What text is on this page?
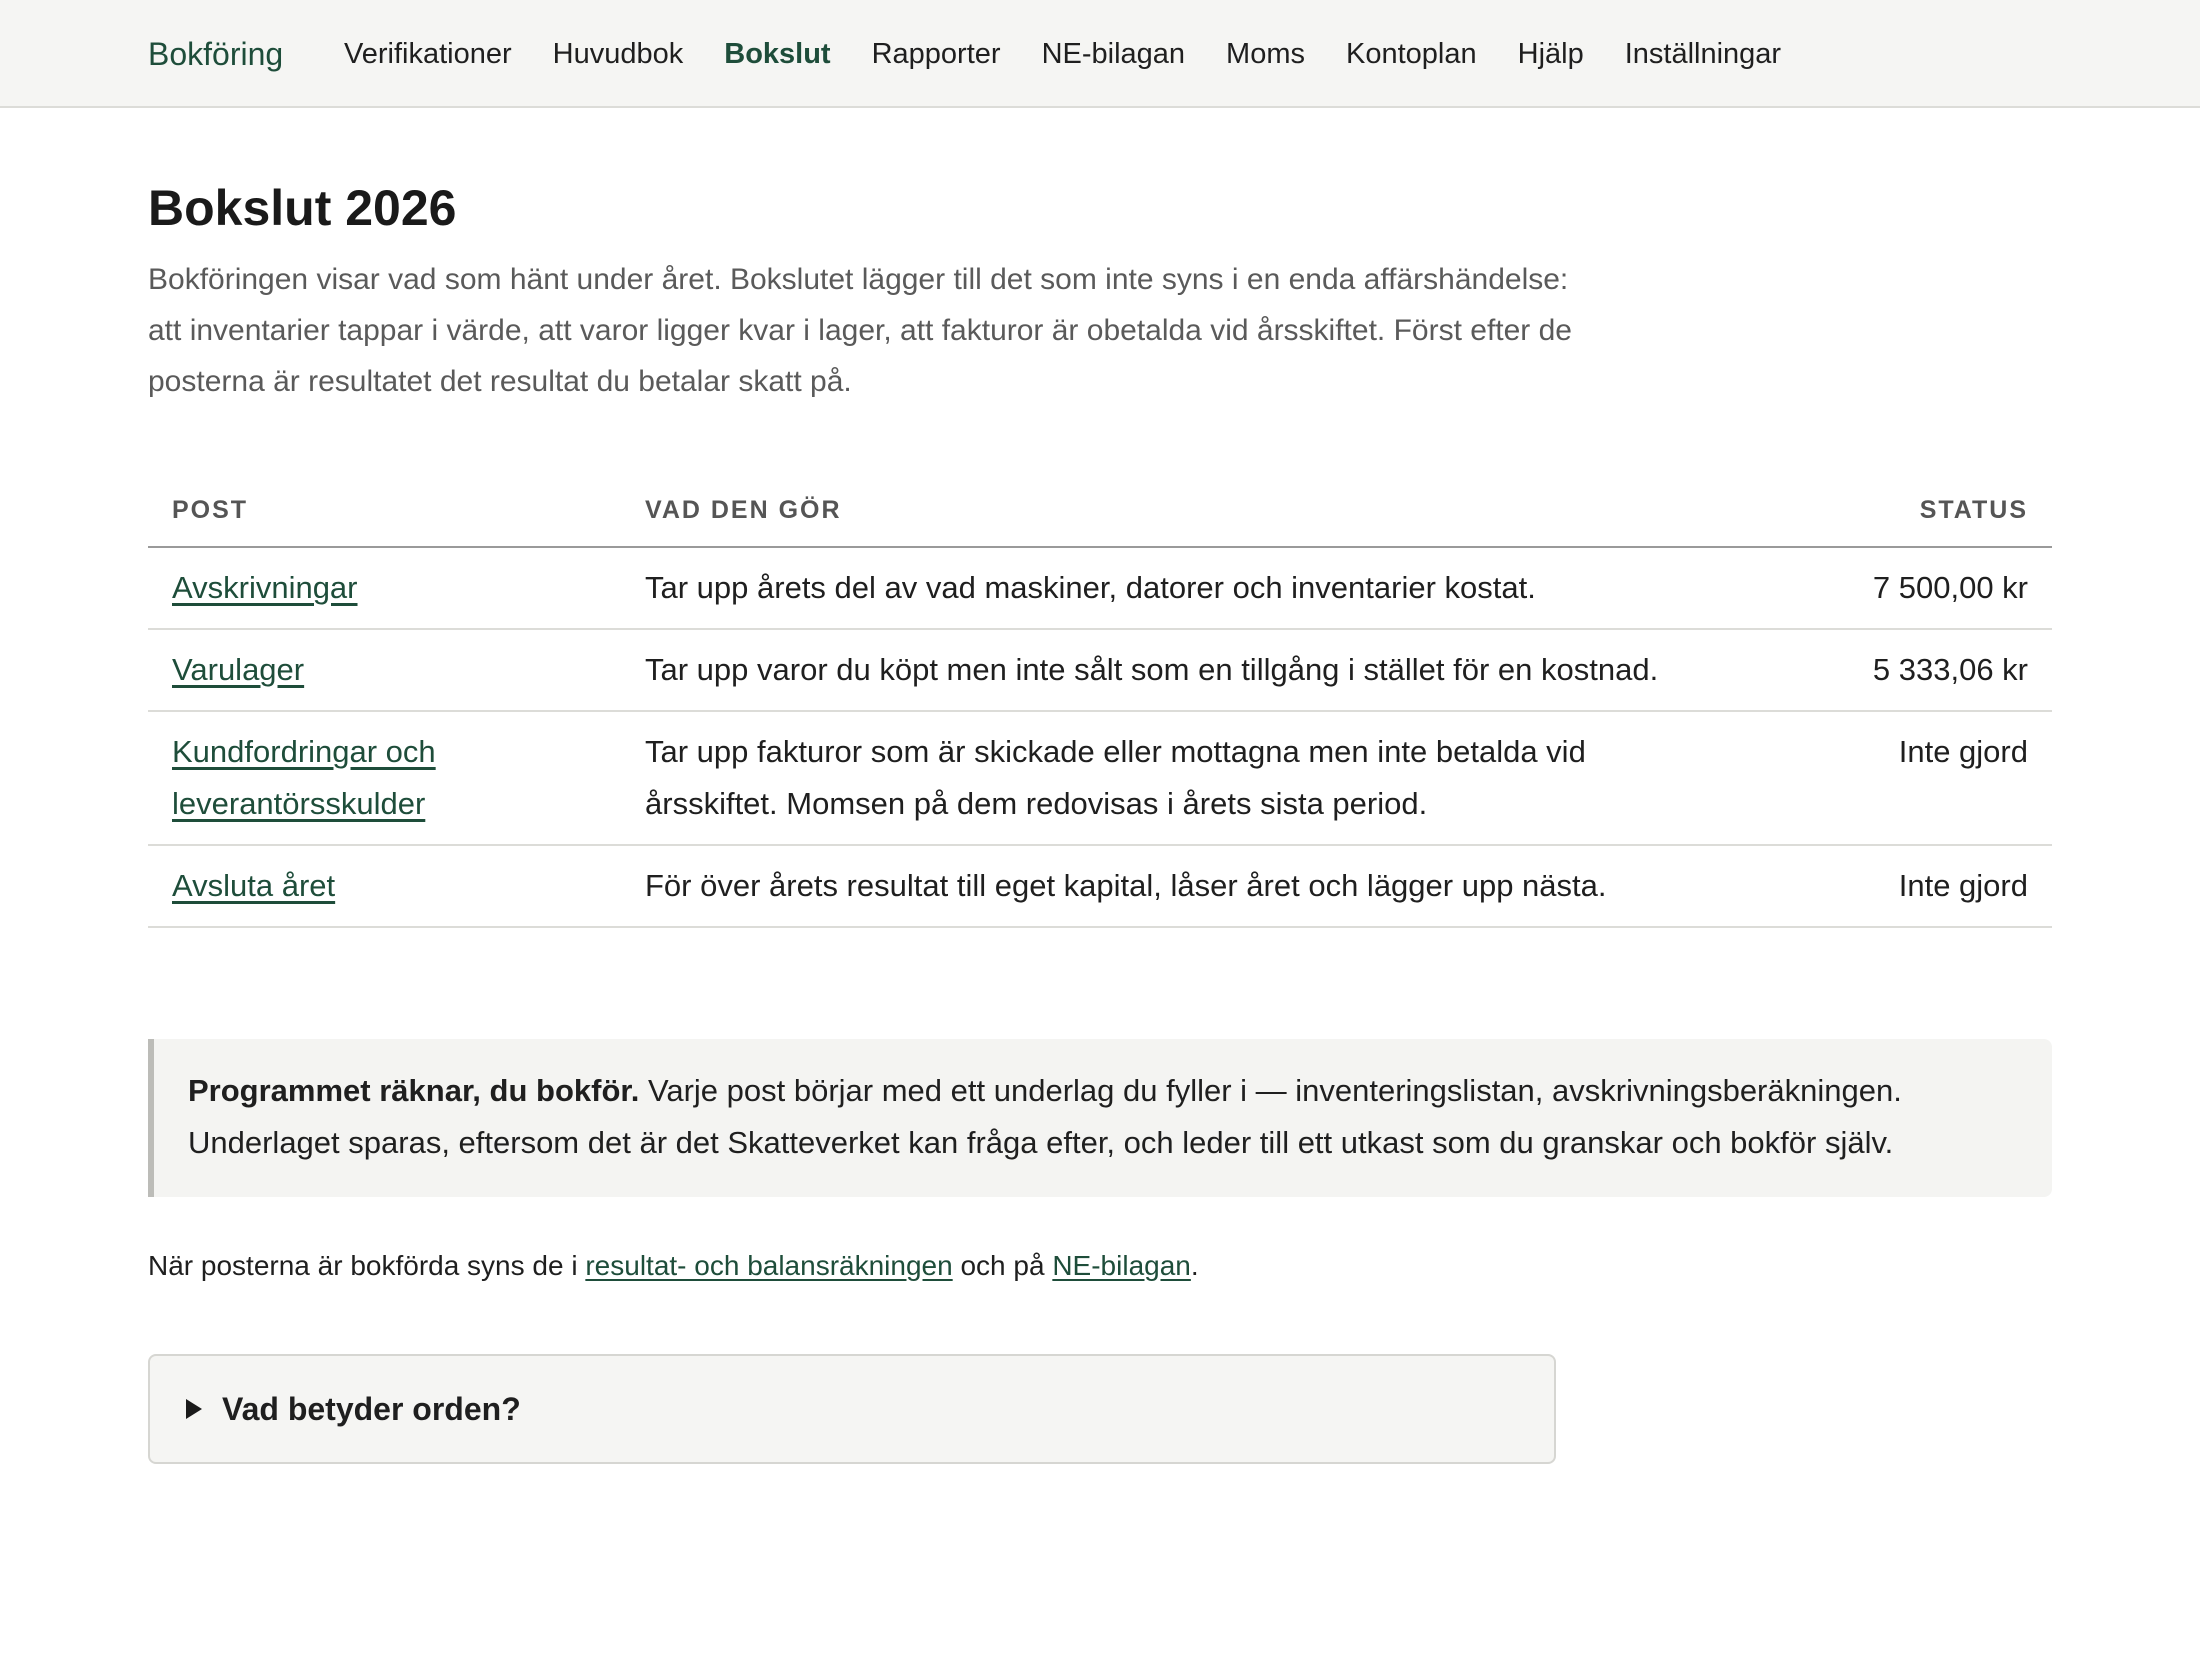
Bokföring Verifikationer Huvudbok Bokslut Rapporter NE-bilagan Moms Kontoplan Hjälp Inställningar
Bokslut 2026

Bokföringen visar vad som hänt under året. Bokslutet lägger till det som inte syns i en enda affärshändelse: att inventarier tappar i värde, att varor ligger kvar i lager, att fakturor är obetalda vid årsskiftet. Först efter de posterna är resultatet det resultat du betalar skatt på.

POST	VAD DEN GÖR	STATUS
Avskrivningar	Tar upp årets del av vad maskiner, datorer och inventarier kostat.	7 500,00 kr
Varulager	Tar upp varor du köpt men inte sålt som en tillgång i stället för en kostnad.	5 333,06 kr
Kundfordringar och leverantörsskulder	Tar upp fakturor som är skickade eller mottagna men inte betalda vid årsskiftet. Momsen på dem redovisas i årets sista period.	Inte gjord
Avsluta året	För över årets resultat till eget kapital, låser året och lägger upp nästa.	Inte gjord
Programmet räknar, du bokför. Varje post börjar med ett underlag du fyller i — inventeringslistan, avskrivningsberäkningen. Underlaget sparas, eftersom det är det Skatteverket kan fråga efter, och leder till ett utkast som du granskar och bokför själv.
När posterna är bokförda syns de i resultat- och balansräkningen och på NE-bilagan.
Vad betyder orden?
